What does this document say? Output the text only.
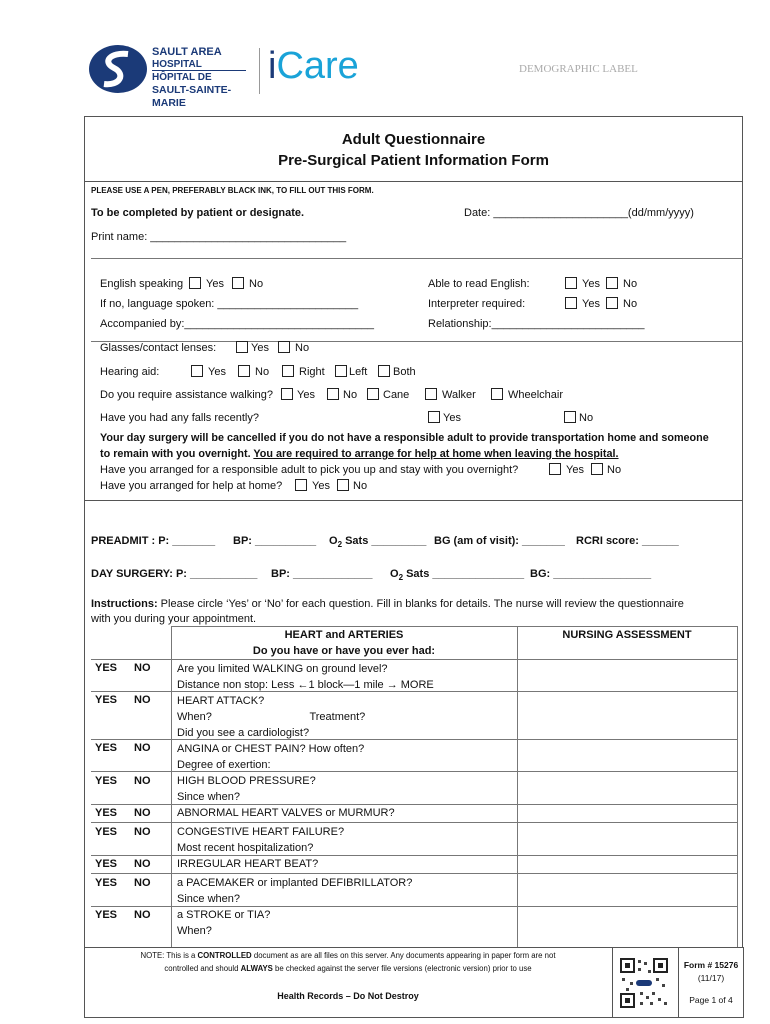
SAULT AREA
HOSPITAL
HÔPITAL DE
SAULT-SAINTE-MARIE
iCare	DEMOGRAPHIC LABEL
Adult Questionnaire
Pre-Surgical Patient Information Form
PLEASE USE A PEN, PREFERABLY BLACK INK, TO FILL OUT THIS FORM.
To be completed by patient or designate.	Date: ______________________(dd/mm/yyyy)
Print name: ________________________________
English speaking Yes No
If no, language spoken: _______________________
Accompanied by:_______________________________
Able to read English:	Yes No
Interpreter required:	Yes No
Relationship:_________________________
Glasses/contact lenses:	Yes No
Hearing aid:	Yes	No	Right Left Both
Do you require assistance walking? Yes	No Cane	Walker	Wheelchair
Have you had any falls recently?	Yes	No
Your day surgery will be cancelled if you do not have a responsible adult to provide transportation home and someone
to remain with you overnight. You are required to arrange for help at home when leaving the hospital.
Have you arranged for a responsible adult to pick you up and stay with you overnight?	Yes No
Have you arranged for help at home?	Yes No
PREADMIT : P: _______ BP: __________ $O_2$ Sats _________ BG (am of visit): _______ RCRI score: ______
DAY SURGERY: P: ___________ BP: _____________ $O_2$ Sats _______________ BG: ________________
Instructions: Please circle ‘Yes’ or ‘No’ for each question. Fill in blanks for details. The nurse will review the questionnaire
with you during your appointment.
HEART and ARTERIES
Do you have or have you ever had:
NURSING ASSESSMENT
YES NO Are you limited WALKING on ground level?
Distance non stop: Less ←1 block—1 mile → MORE
YES NO HEART ATTACK?
When?                                Treatment?
Did you see a cardiologist?
YES NO ANGINA or CHEST PAIN? How often?
Degree of exertion:
YES NO HIGH BLOOD PRESSURE?
Since when?
YES NO ABNORMAL HEART VALVES or MURMUR?
YES NO CONGESTIVE HEART FAILURE?
Most recent hospitalization?
YES NO IRREGULAR HEART BEAT?
YES NO a PACEMAKER or implanted DEFIBRILLATOR?
Since when?
YES NO a STROKE or TIA?
When?
NOTE: This is a CONTROLLED document as are all files on this server. Any documents appearing in paper form are not
controlled and should ALWAYS be checked against the server file versions (electronic version) prior to use
Health Records – Do Not Destroy
Form # 15276
(11/17)
Page 1 of 4
